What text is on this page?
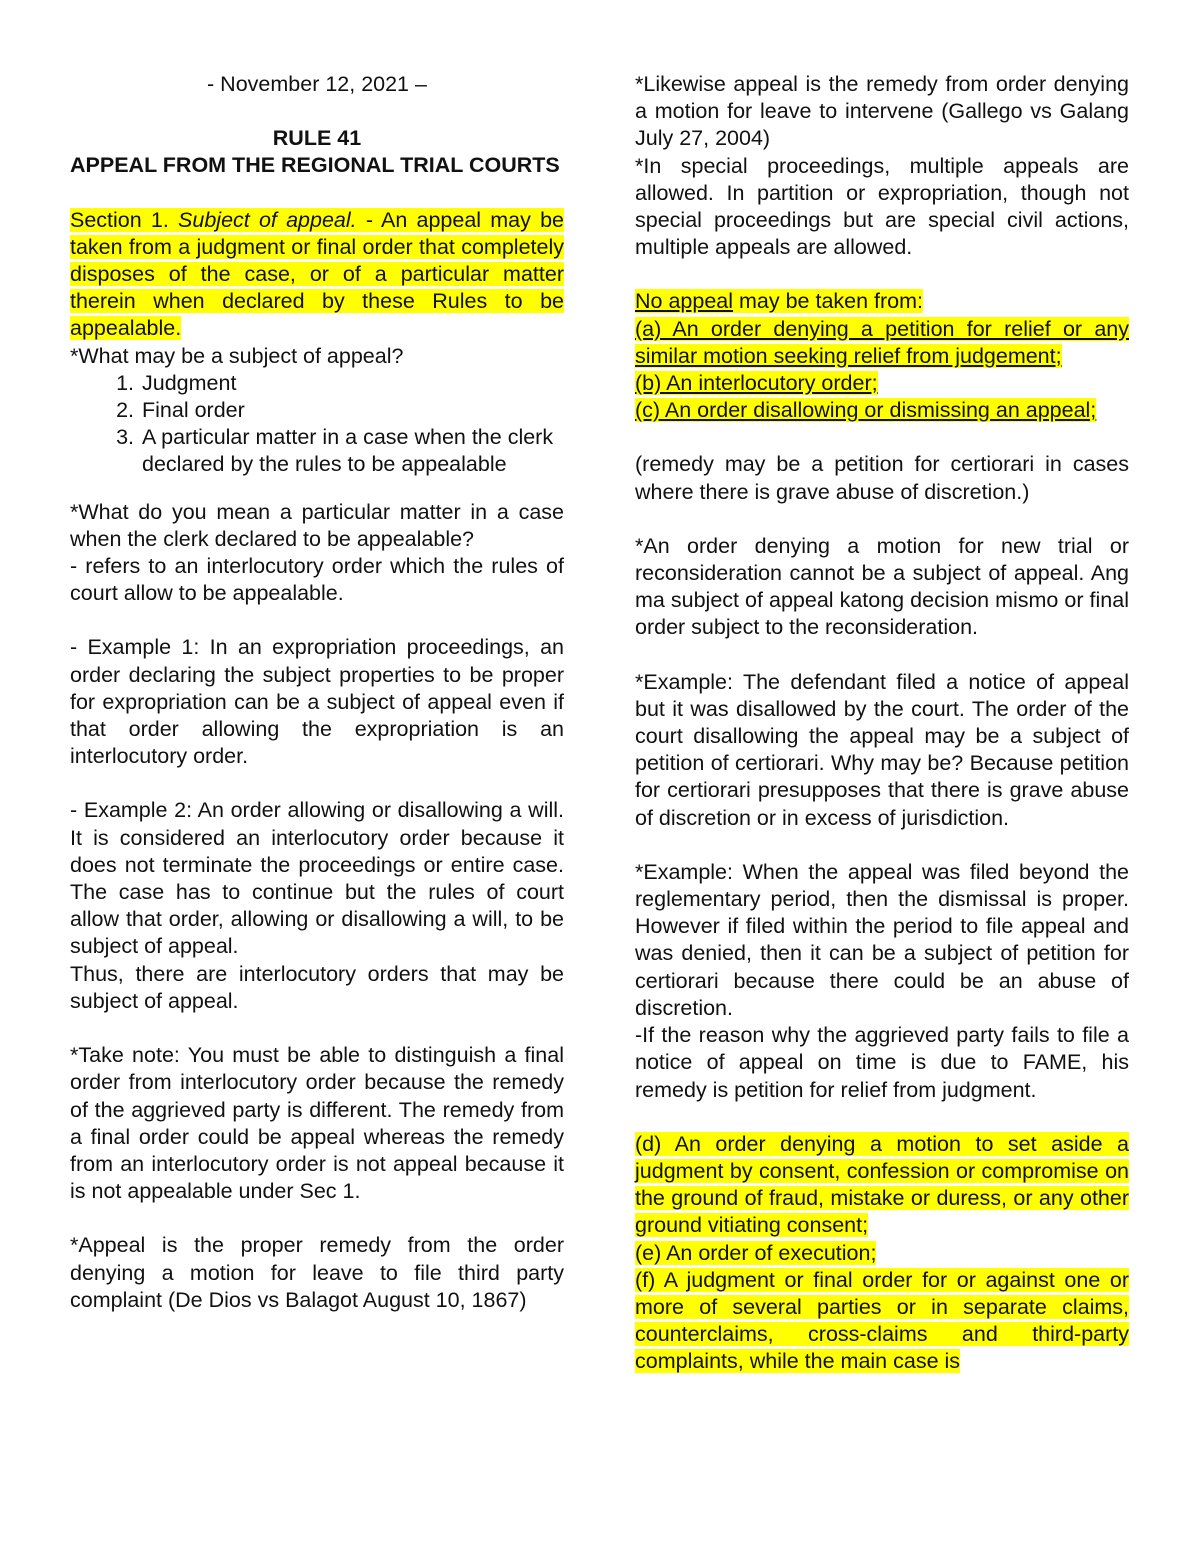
- November 12, 2021 –

RULE 41

APPEAL FROM THE REGIONAL TRIAL COURTS

Section 1. Subject of appeal. - An appeal may be taken from a judgment or final order that completely disposes of the case, or of a particular matter therein when declared by these Rules to be appealable.

*What may be a subject of appeal?

1. Judgment
2. Final order
3. A particular matter in a case when the clerk declared by the rules to be appealable

*What do you mean a particular matter in a case when the clerk declared to be appealable?

- refers to an interlocutory order which the rules of court allow to be appealable.

- Example 1: In an expropriation proceedings, an order declaring the subject properties to be proper for expropriation can be a subject of appeal even if that order allowing the expropriation is an interlocutory order.

- Example 2: An order allowing or disallowing a will. It is considered an interlocutory order because it does not terminate the proceedings or entire case. The case has to continue but the rules of court allow that order, allowing or disallowing a will, to be subject of appeal.

Thus, there are interlocutory orders that may be subject of appeal.

*Take note: You must be able to distinguish a final order from interlocutory order because the remedy of the aggrieved party is different. The remedy from a final order could be appeal whereas the remedy from an interlocutory order is not appeal because it is not appealable under Sec 1.

*Appeal is the proper remedy from the order denying a motion for leave to file third party complaint (De Dios vs Balagot August 10, 1867)

*Likewise appeal is the remedy from order denying a motion for leave to intervene (Gallego vs Galang July 27, 2004)

*In special proceedings, multiple appeals are allowed. In partition or expropriation, though not special proceedings but are special civil actions, multiple appeals are allowed.

No appeal may be taken from:

(a) An order denying a petition for relief or any similar motion seeking relief from judgement;

(b) An interlocutory order;

(c) An order disallowing or dismissing an appeal;

(remedy may be a petition for certiorari in cases where there is grave abuse of discretion.)

*An order denying a motion for new trial or reconsideration cannot be a subject of appeal. Ang ma subject of appeal katong decision mismo or final order subject to the reconsideration.

*Example: The defendant filed a notice of appeal but it was disallowed by the court. The order of the court disallowing the appeal may be a subject of petition of certiorari. Why may be? Because petition for certiorari presupposes that there is grave abuse of discretion or in excess of jurisdiction.

*Example: When the appeal was filed beyond the reglementary period, then the dismissal is proper. However if filed within the period to file appeal and was denied, then it can be a subject of petition for certiorari because there could be an abuse of discretion.

-If the reason why the aggrieved party fails to file a notice of appeal on time is due to FAME, his remedy is petition for relief from judgment.

(d) An order denying a motion to set aside a judgment by consent, confession or compromise on the ground of fraud, mistake or duress, or any other ground vitiating consent;

(e) An order of execution;

(f) A judgment or final order for or against one or more of several parties or in separate claims, counterclaims, cross-claims and third-party complaints, while the main case is
